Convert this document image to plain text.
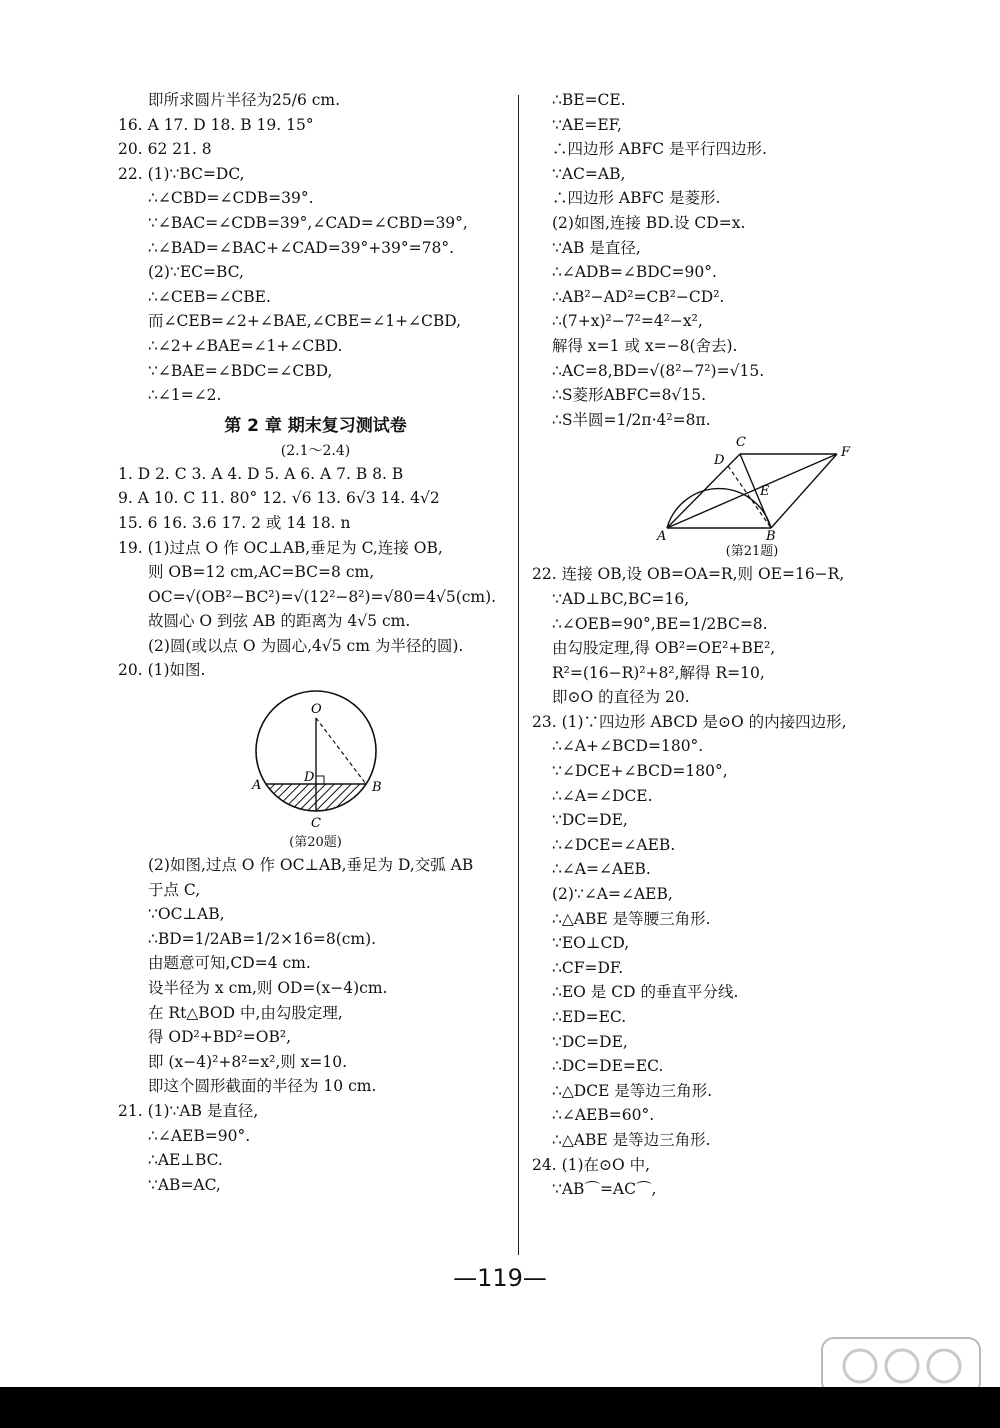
即所求圆片半径为25/6 cm.
16. A 17. D 18. B 19. 15°
20. 62 21. 8
22. (1)∵BC=DC,
∴∠CBD=∠CDB=39°.
∵∠BAC=∠CDB=39°,∠CAD=∠CBD=39°,
∴∠BAD=∠BAC+∠CAD=39°+39°=78°.
(2)∵EC=BC,
∴∠CEB=∠CBE.
而∠CEB=∠2+∠BAE,∠CBE=∠1+∠CBD,
∴∠2+∠BAE=∠1+∠CBD.
∵∠BAE=∠BDC=∠CBD,
∴∠1=∠2.
第 2 章 期末复习测试卷
(2.1～2.4)
1. D 2. C 3. A 4. D 5. A 6. A 7. B 8. B
9. A 10. C 11. 80° 12. √6 13. 6√3 14. 4√2
15. 6 16. 3.6 17. 2 或 14 18. n
19. (1)过点 O 作 OC⊥AB,垂足为 C,连接 OB,
则 OB=12 cm,AC=BC=8 cm,
OC=√(OB²−BC²)=√(12²−8²)=√80=4√5(cm).
故圆心 O 到弦 AB 的距离为 4√5 cm.
(2)圆(或以点 O 为圆心,4√5 cm 为半径的圆).
20. (1)如图.
O
D
A	B
C
(第20题)
(2)如图,过点 O 作 OC⊥AB,垂足为 D,交弧 AB
于点 C,
∵OC⊥AB,
∴BD=1/2AB=1/2×16=8(cm).
由题意可知,CD=4 cm.
设半径为 x cm,则 OD=(x−4)cm.
在 Rt△BOD 中,由勾股定理,
得 OD²+BD²=OB²,
即 (x−4)²+8²=x²,则 x=10.
即这个圆形截面的半径为 10 cm.
21. (1)∵AB 是直径,
∴∠AEB=90°.
∴AE⊥BC.
∵AB=AC,
∴BE=CE.
∵AE=EF,
∴四边形 ABFC 是平行四边形.
∵AC=AB,
∴四边形 ABFC 是菱形.
(2)如图,连接 BD.设 CD=x.
∵AB 是直径,
∴∠ADB=∠BDC=90°.
∴AB²−AD²=CB²−CD².
∴(7+x)²−7²=4²−x²,
解得 x=1 或 x=−8(舍去).
∴AC=8,BD=√(8²−7²)=√15.
∴S菱形ABFC=8√15.
∴S半圆=1/2π·4²=8π.
C
D
E
F
A	B
(第21题)
22. 连接 OB,设 OB=OA=R,则 OE=16−R,
∵AD⊥BC,BC=16,
∴∠OEB=90°,BE=1/2BC=8.
由勾股定理,得 OB²=OE²+BE²,
R²=(16−R)²+8²,解得 R=10,
即⊙O 的直径为 20.
23. (1)∵四边形 ABCD 是⊙O 的内接四边形,
∴∠A+∠BCD=180°.
∵∠DCE+∠BCD=180°,
∴∠A=∠DCE.
∵DC=DE,
∴∠DCE=∠AEB.
∴∠A=∠AEB.
(2)∵∠A=∠AEB,
∴△ABE 是等腰三角形.
∵EO⊥CD,
∴CF=DF.
∴EO 是 CD 的垂直平分线.
∴ED=EC.
∵DC=DE,
∴DC=DE=EC.
∴△DCE 是等边三角形.
∴∠AEB=60°.
∴△ABE 是等边三角形.
24. (1)在⊙O 中,
∵AB⌒=AC⌒,
—119—
